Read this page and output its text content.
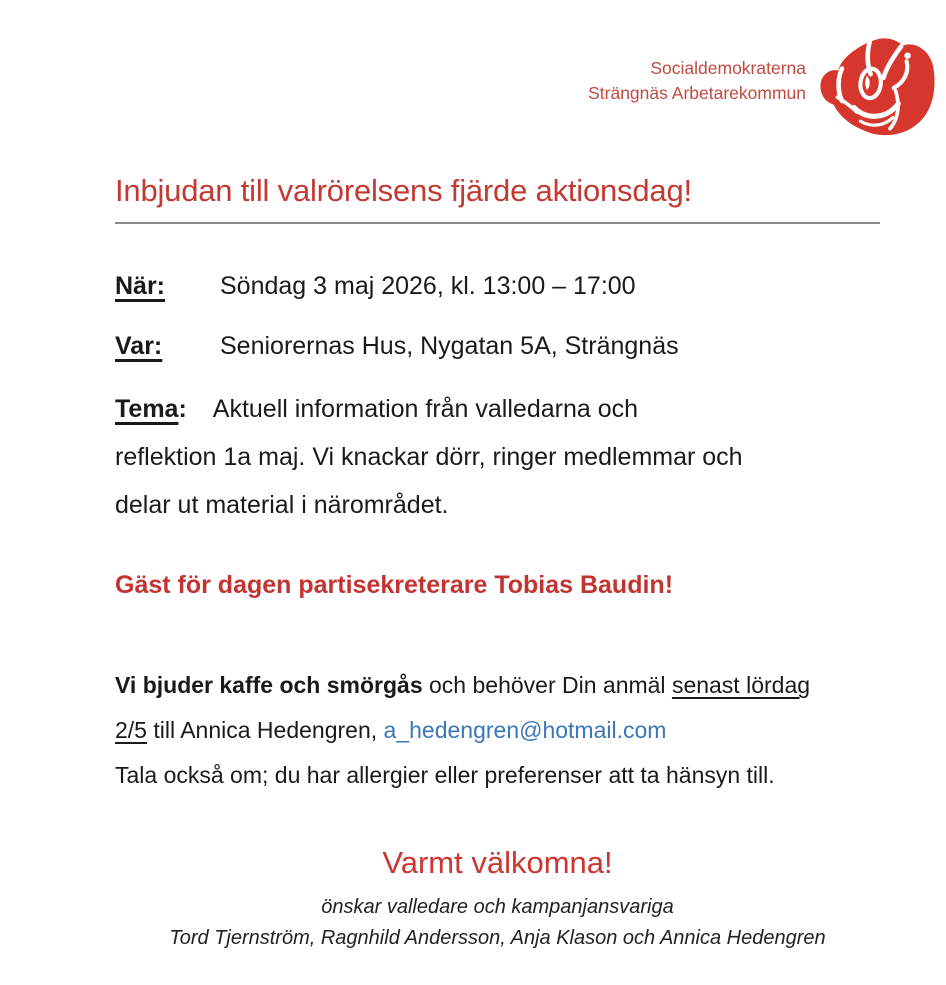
Socialdemokraterna
Strängnäs Arbetarekommun
Inbjudan till valrörelsens fjärde aktionsdag!

När: Söndag 3 maj 2026, kl. 13:00 – 17:00

Var: Seniorernas Hus, Nygatan 5A, Strängnäs

Tema: Aktuell information från valledarna och
reflektion 1a maj. Vi knackar dörr, ringer medlemmar och
delar ut material i närområdet.

Gäst för dagen partisekreterare Tobias Baudin!

Vi bjuder kaffe och smörgås och behöver Din anmäl senast lördag
2/5 till Annica Hedengren, a_hedengren@hotmail.com
Tala också om; du har allergier eller preferenser att ta hänsyn till.

Varmt välkomna!

önskar valledare och kampanjansvariga
Tord Tjernström, Ragnhild Andersson, Anja Klason och Annica Hedengren
